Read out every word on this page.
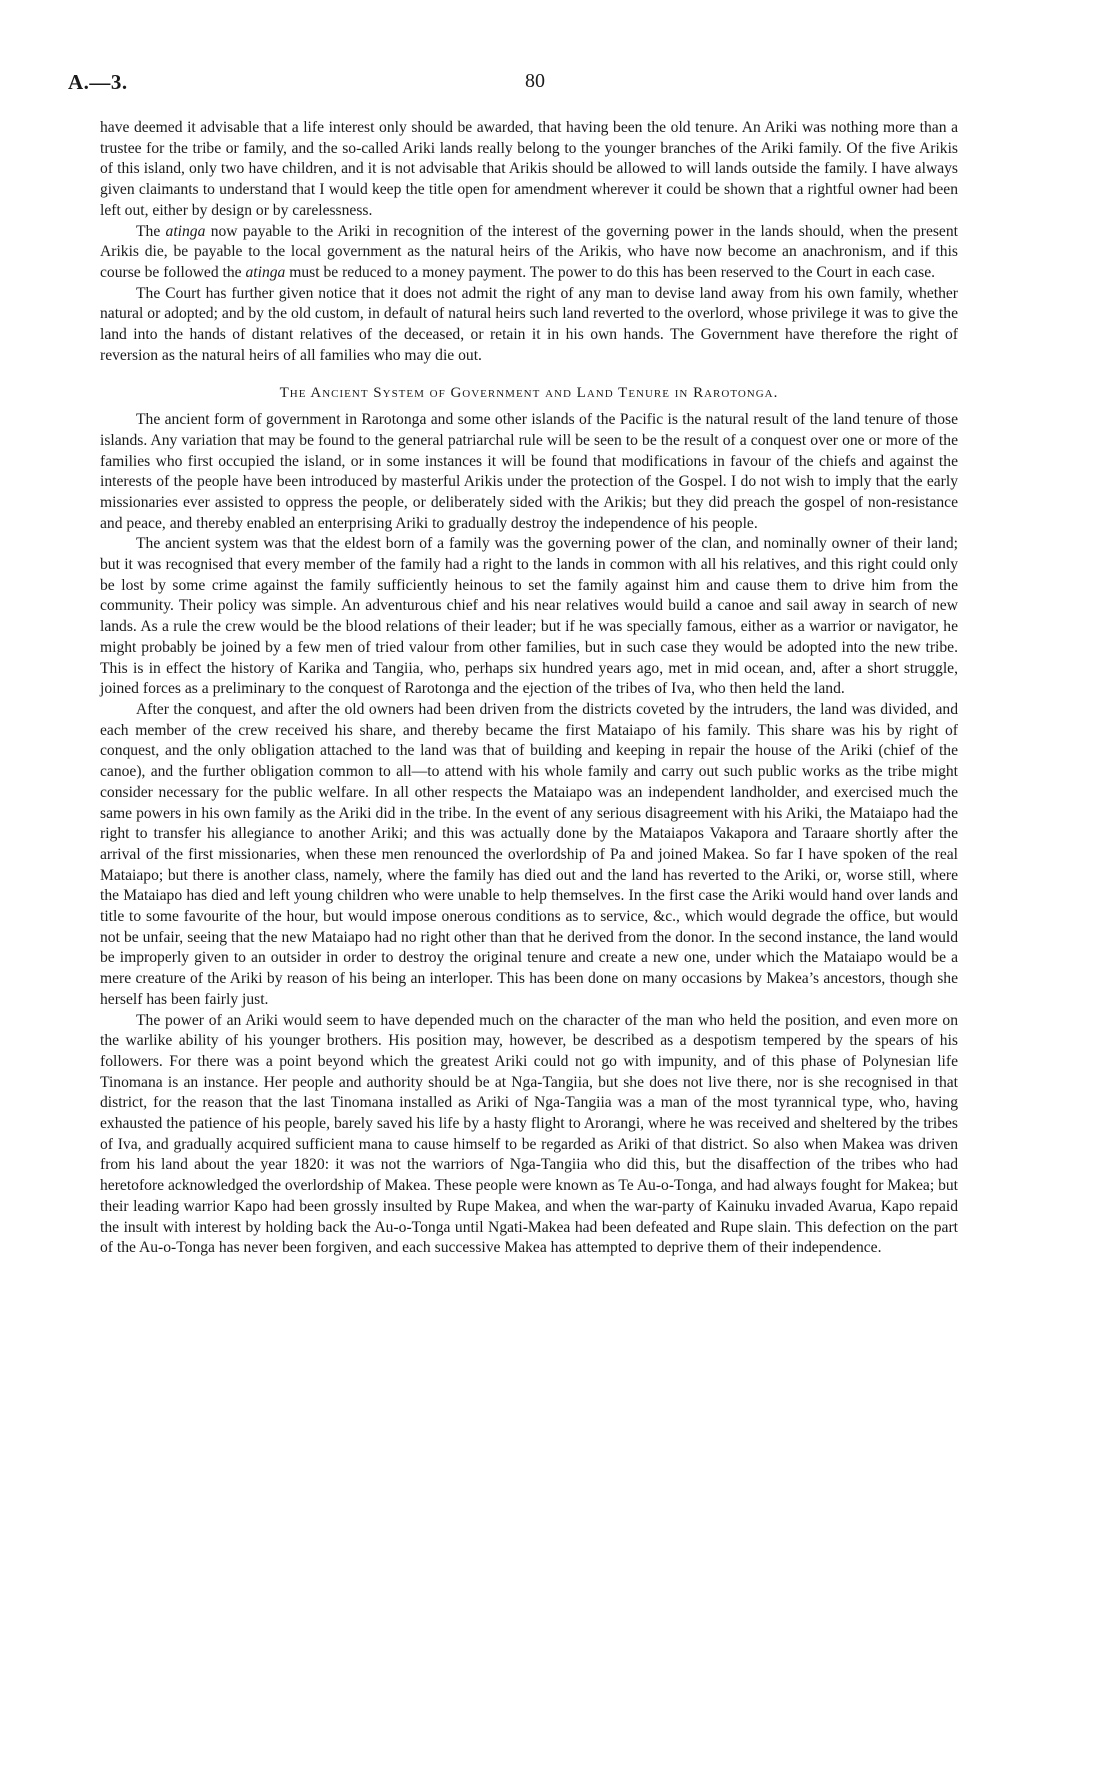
A.—3.	80

have deemed it advisable that a life interest only should be awarded, that having been the old tenure. An Ariki was nothing more than a trustee for the tribe or family, and the so-called Ariki lands really belong to the younger branches of the Ariki family. Of the five Arikis of this island, only two have children, and it is not advisable that Arikis should be allowed to will lands outside the family. I have always given claimants to understand that I would keep the title open for amendment wherever it could be shown that a rightful owner had been left out, either by design or by carelessness.

The atinga now payable to the Ariki in recognition of the interest of the governing power in the lands should, when the present Arikis die, be payable to the local government as the natural heirs of the Arikis, who have now become an anachronism, and if this course be followed the atinga must be reduced to a money payment. The power to do this has been reserved to the Court in each case.

The Court has further given notice that it does not admit the right of any man to devise land away from his own family, whether natural or adopted; and by the old custom, in default of natural heirs such land reverted to the overlord, whose privilege it was to give the land into the hands of distant relatives of the deceased, or retain it in his own hands. The Government have therefore the right of reversion as the natural heirs of all families who may die out.

The Ancient System of Government and Land Tenure in Rarotonga.

The ancient form of government in Rarotonga and some other islands of the Pacific is the natural result of the land tenure of those islands. Any variation that may be found to the general patriarchal rule will be seen to be the result of a conquest over one or more of the families who first occupied the island, or in some instances it will be found that modifications in favour of the chiefs and against the interests of the people have been introduced by masterful Arikis under the protection of the Gospel. I do not wish to imply that the early missionaries ever assisted to oppress the people, or deliberately sided with the Arikis; but they did preach the gospel of non-resistance and peace, and thereby enabled an enterprising Ariki to gradually destroy the independence of his people.

The ancient system was that the eldest born of a family was the governing power of the clan, and nominally owner of their land; but it was recognised that every member of the family had a right to the lands in common with all his relatives, and this right could only be lost by some crime against the family sufficiently heinous to set the family against him and cause them to drive him from the community. Their policy was simple. An adventurous chief and his near relatives would build a canoe and sail away in search of new lands. As a rule the crew would be the blood relations of their leader; but if he was specially famous, either as a warrior or navigator, he might probably be joined by a few men of tried valour from other families, but in such case they would be adopted into the new tribe. This is in effect the history of Karika and Tangiia, who, perhaps six hundred years ago, met in mid ocean, and, after a short struggle, joined forces as a preliminary to the conquest of Rarotonga and the ejection of the tribes of Iva, who then held the land.

After the conquest, and after the old owners had been driven from the districts coveted by the intruders, the land was divided, and each member of the crew received his share, and thereby became the first Mataiapo of his family. This share was his by right of conquest, and the only obligation attached to the land was that of building and keeping in repair the house of the Ariki (chief of the canoe), and the further obligation common to all—to attend with his whole family and carry out such public works as the tribe might consider necessary for the public welfare. In all other respects the Mataiapo was an independent landholder, and exercised much the same powers in his own family as the Ariki did in the tribe. In the event of any serious disagreement with his Ariki, the Mataiapo had the right to transfer his allegiance to another Ariki; and this was actually done by the Mataiapos Vakapora and Taraare shortly after the arrival of the first missionaries, when these men renounced the overlordship of Pa and joined Makea. So far I have spoken of the real Mataiapo; but there is another class, namely, where the family has died out and the land has reverted to the Ariki, or, worse still, where the Mataiapo has died and left young children who were unable to help themselves. In the first case the Ariki would hand over lands and title to some favourite of the hour, but would impose onerous conditions as to service, &c., which would degrade the office, but would not be unfair, seeing that the new Mataiapo had no right other than that he derived from the donor. In the second instance, the land would be improperly given to an outsider in order to destroy the original tenure and create a new one, under which the Mataiapo would be a mere creature of the Ariki by reason of his being an interloper. This has been done on many occasions by Makea’s ancestors, though she herself has been fairly just.

The power of an Ariki would seem to have depended much on the character of the man who held the position, and even more on the warlike ability of his younger brothers. His position may, however, be described as a despotism tempered by the spears of his followers. For there was a point beyond which the greatest Ariki could not go with impunity, and of this phase of Polynesian life Tinomana is an instance. Her people and authority should be at Nga-Tangiia, but she does not live there, nor is she recognised in that district, for the reason that the last Tinomana installed as Ariki of Nga-Tangiia was a man of the most tyrannical type, who, having exhausted the patience of his people, barely saved his life by a hasty flight to Arorangi, where he was received and sheltered by the tribes of Iva, and gradually acquired sufficient mana to cause himself to be regarded as Ariki of that district. So also when Makea was driven from his land about the year 1820: it was not the warriors of Nga-Tangiia who did this, but the disaffection of the tribes who had heretofore acknowledged the overlordship of Makea. These people were known as Te Au-o-Tonga, and had always fought for Makea; but their leading warrior Kapo had been grossly insulted by Rupe Makea, and when the war-party of Kainuku invaded Avarua, Kapo repaid the insult with interest by holding back the Au-o-Tonga until Ngati-Makea had been defeated and Rupe slain. This defection on the part of the Au-o-Tonga has never been forgiven, and each successive Makea has attempted to deprive them of their independence.
